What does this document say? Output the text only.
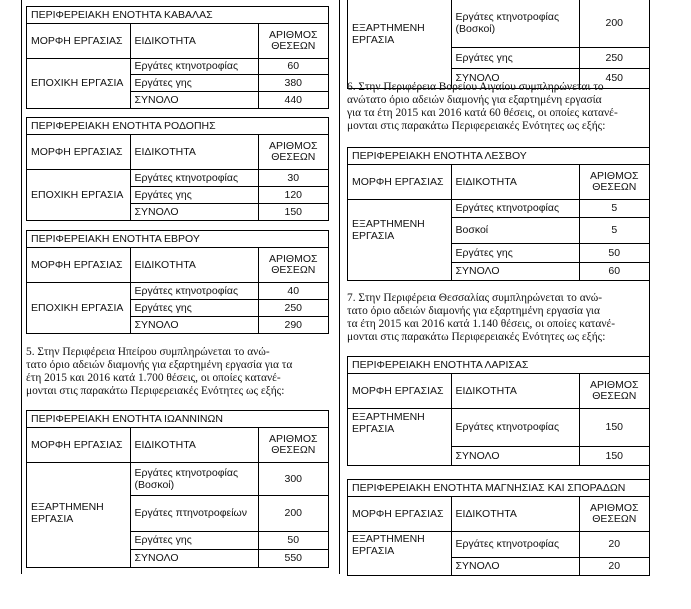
ΠΕΡΙΦΕΡΕΙΑΚΗ ΕΝΟΤΗΤΑ ΚΑΒΑΛΑΣ
ΜΟΡΦΗ ΕΡΓΑΣΙΑΣ	ΕΙΔΙΚΟΤΗΤΑ	ΑΡΙΘΜΟΣ ΘΕΣΕΩΝ
	Εργάτες κτηνοτροφίας	60
ΕΠΟΧΙΚΗ ΕΡΓΑΣΙΑ	Εργάτες γης	380
	ΣΥΝΟΛΟ	440
ΠΕΡΙΦΕΡΕΙΑΚΗ ΕΝΟΤΗΤΑ ΡΟΔΟΠΗΣ
ΜΟΡΦΗ ΕΡΓΑΣΙΑΣ	ΕΙΔΙΚΟΤΗΤΑ	ΑΡΙΘΜΟΣ ΘΕΣΕΩΝ
	Εργάτες κτηνοτροφίας	30
ΕΠΟΧΙΚΗ ΕΡΓΑΣΙΑ	Εργάτες γης	120
	ΣΥΝΟΛΟ	150
ΠΕΡΙΦΕΡΕΙΑΚΗ ΕΝΟΤΗΤΑ ΕΒΡΟΥ
ΜΟΡΦΗ ΕΡΓΑΣΙΑΣ	ΕΙΔΙΚΟΤΗΤΑ	ΑΡΙΘΜΟΣ ΘΕΣΕΩΝ
	Εργάτες κτηνοτροφίας	40
ΕΠΟΧΙΚΗ ΕΡΓΑΣΙΑ	Εργάτες γης	250
	ΣΥΝΟΛΟ	290
5. Στην Περιφέρεια Ηπείρου συμπληρώνεται το ανώ-
τατο όριο αδειών διαμονής για εξαρτημένη εργασία για τα
έτη 2015 και 2016 κατά 1.700 θέσεις, οι οποίες κατανέ-
μονται στις παρακάτω Περιφερειακές Ενότητες ως εξής:
ΠΕΡΙΦΕΡΕΙΑΚΗ ΕΝΟΤΗΤΑ ΙΩΑΝΝΙΝΩΝ
ΜΟΡΦΗ ΕΡΓΑΣΙΑΣ	ΕΙΔΙΚΟΤΗΤΑ	ΑΡΙΘΜΟΣ ΘΕΣΕΩΝ
	Εργάτες κτηνοτροφίας (Βοσκοί)	300
ΕΞΑΡΤΗΜΕΝΗ ΕΡΓΑΣΙΑ	Εργάτες πτηνοτροφείων	200
	Εργάτες γης	50
	ΣΥΝΟΛΟ	550
ΕΞΑΡΤΗΜΕΝΗ ΕΡΓΑΣΙΑ	Εργάτες κτηνοτροφίας (Βοσκοί)	200
	Εργάτες γης	250
	ΣΥΝΟΛΟ	450
6. Στην Περιφέρεια Βορείου Αιγαίου συμπληρώνεται το
ανώτατο όριο αδειών διαμονής για εξαρτημένη εργασία
για τα έτη 2015 και 2016 κατά 60 θέσεις, οι οποίες κατανέ-
μονται στις παρακάτω Περιφερειακές Ενότητες ως εξής:
ΠΕΡΙΦΕΡΕΙΑΚΗ ΕΝΟΤΗΤΑ ΛΕΣΒΟΥ
ΜΟΡΦΗ ΕΡΓΑΣΙΑΣ	ΕΙΔΙΚΟΤΗΤΑ	ΑΡΙΘΜΟΣ ΘΕΣΕΩΝ
	Εργάτες κτηνοτροφίας	5
ΕΞΑΡΤΗΜΕΝΗ ΕΡΓΑΣΙΑ	Βοσκοί	5
	Εργάτες γης	50
	ΣΥΝΟΛΟ	60
7. Στην Περιφέρεια Θεσσαλίας συμπληρώνεται το ανώ-
τατο όριο αδειών διαμονής για εξαρτημένη εργασία για
τα έτη 2015 και 2016 κατά 1.140 θέσεις, οι οποίες κατανέ-
μονται στις παρακάτω Περιφερειακές Ενότητες ως εξής:
ΠΕΡΙΦΕΡΕΙΑΚΗ ΕΝΟΤΗΤΑ ΛΑΡΙΣΑΣ
ΜΟΡΦΗ ΕΡΓΑΣΙΑΣ	ΕΙΔΙΚΟΤΗΤΑ	ΑΡΙΘΜΟΣ ΘΕΣΕΩΝ
ΕΞΑΡΤΗΜΕΝΗ ΕΡΓΑΣΙΑ	Εργάτες κτηνοτροφίας	150
	ΣΥΝΟΛΟ	150
ΠΕΡΙΦΕΡΕΙΑΚΗ ΕΝΟΤΗΤΑ ΜΑΓΝΗΣΙΑΣ ΚΑΙ ΣΠΟΡΑΔΩΝ
ΜΟΡΦΗ ΕΡΓΑΣΙΑΣ	ΕΙΔΙΚΟΤΗΤΑ	ΑΡΙΘΜΟΣ ΘΕΣΕΩΝ
ΕΞΑΡΤΗΜΕΝΗ ΕΡΓΑΣΙΑ	Εργάτες κτηνοτροφίας	20
	ΣΥΝΟΛΟ	20
